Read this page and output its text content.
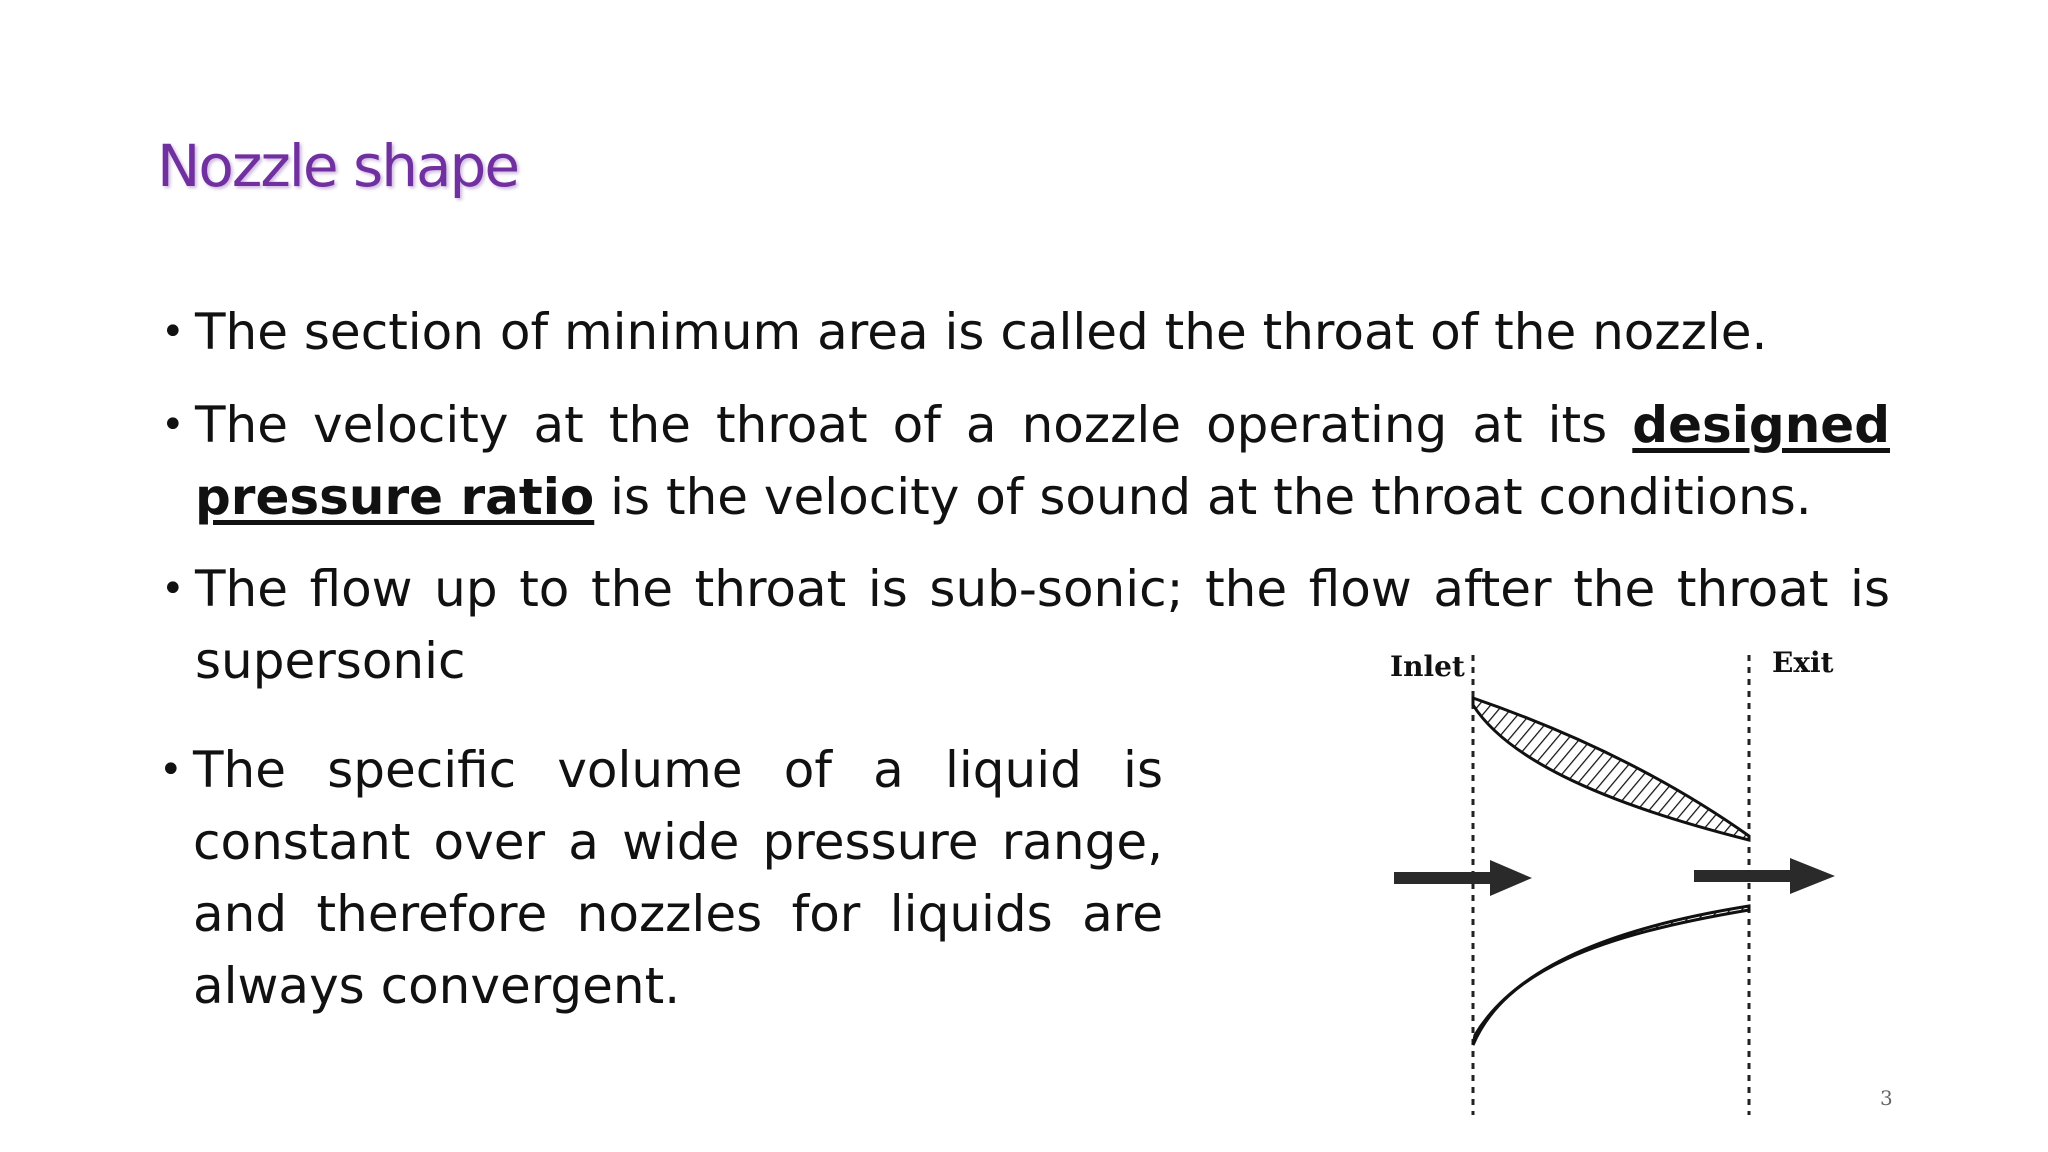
Nozzle shape
• The section of minimum area is called the throat of the nozzle.
• The velocity at the throat of a nozzle operating at its designed pressure ratio is the velocity of sound at the throat conditions.
• The flow up to the throat is sub-sonic; the flow after the throat is supersonic
• The specific volume of a liquid is constant over a wide pressure range, and therefore nozzles for liquids are always convergent.
Inlet	Exit
3
